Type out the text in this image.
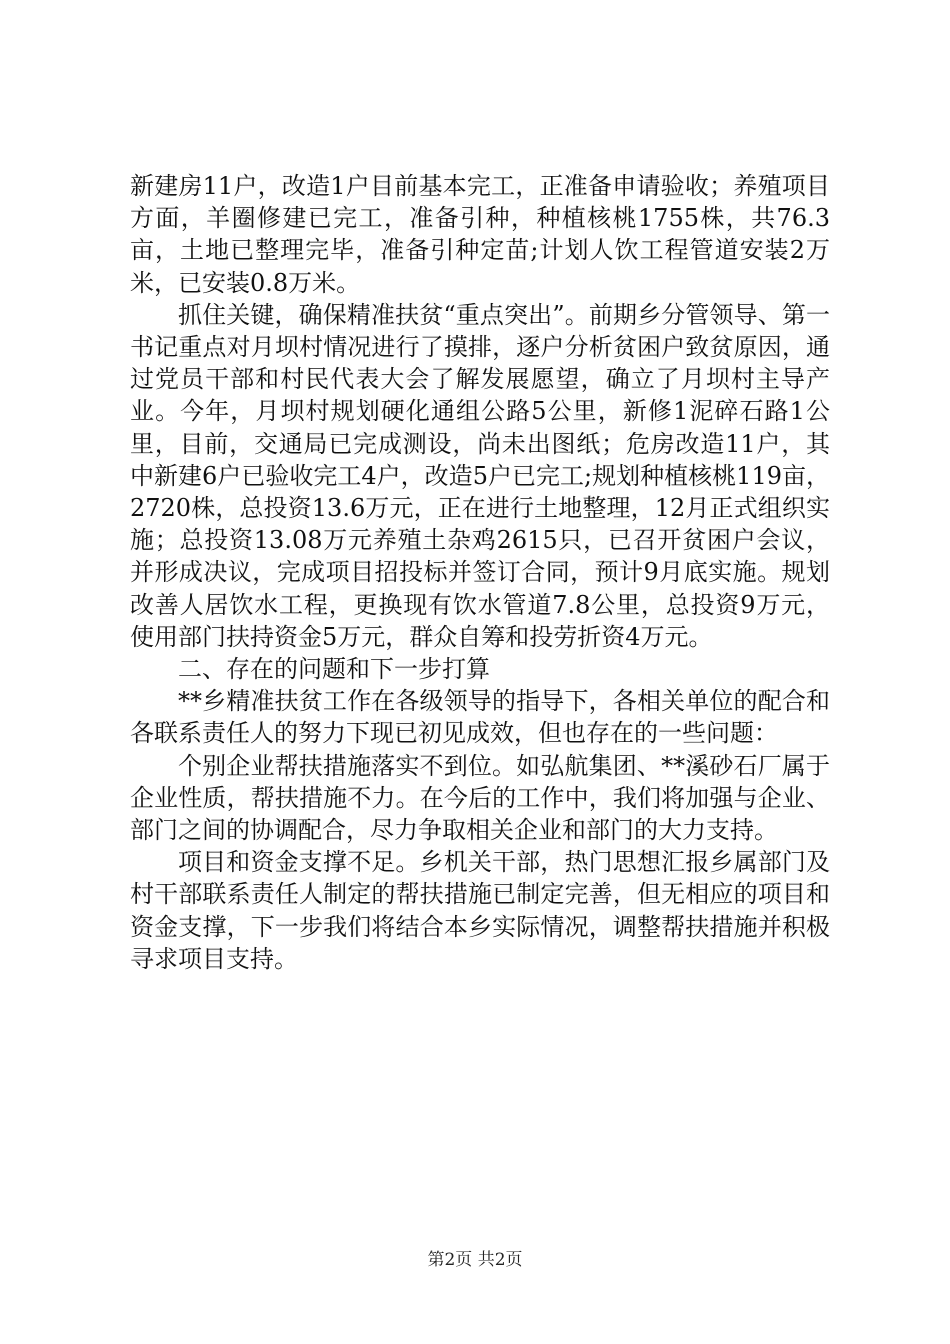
新建房11户，改造1户目前基本完工，正准备申请验收；养殖项目方面，羊圈修建已完工，准备引种，种植核桃1755株，共76.3亩，土地已整理完毕，准备引种定苗;计划人饮工程管道安装2万米，已安装0.8万米。

抓住关键，确保精准扶贫“重点突出”。前期乡分管领导、第一书记重点对月坝村情况进行了摸排，逐户分析贫困户致贫原因，通过党员干部和村民代表大会了解发展愿望，确立了月坝村主导产业。今年，月坝村规划硬化通组公路5公里，新修1泥碎石路1公里，目前，交通局已完成测设，尚未出图纸；危房改造11户，其中新建6户已验收完工4户，改造5户已完工;规划种植核桃119亩，2720株，总投资13.6万元，正在进行土地整理，12月正式组织实施；总投资13.08万元养殖土杂鸡2615只，已召开贫困户会议，并形成决议，完成项目招投标并签订合同，预计9月底实施。规划改善人居饮水工程，更换现有饮水管道7.8公里，总投资9万元，使用部门扶持资金5万元，群众自筹和投劳折资4万元。

二、存在的问题和下一步打算

**乡精准扶贫工作在各级领导的指导下，各相关单位的配合和各联系责任人的努力下现已初见成效，但也存在的一些问题：

个别企业帮扶措施落实不到位。如弘航集团、**溪砂石厂属于企业性质，帮扶措施不力。在今后的工作中，我们将加强与企业、部门之间的协调配合，尽力争取相关企业和部门的大力支持。

项目和资金支撑不足。乡机关干部，热门思想汇报乡属部门及村干部联系责任人制定的帮扶措施已制定完善，但无相应的项目和资金支撑，下一步我们将结合本乡实际情况，调整帮扶措施并积极寻求项目支持。

第2页 共2页
